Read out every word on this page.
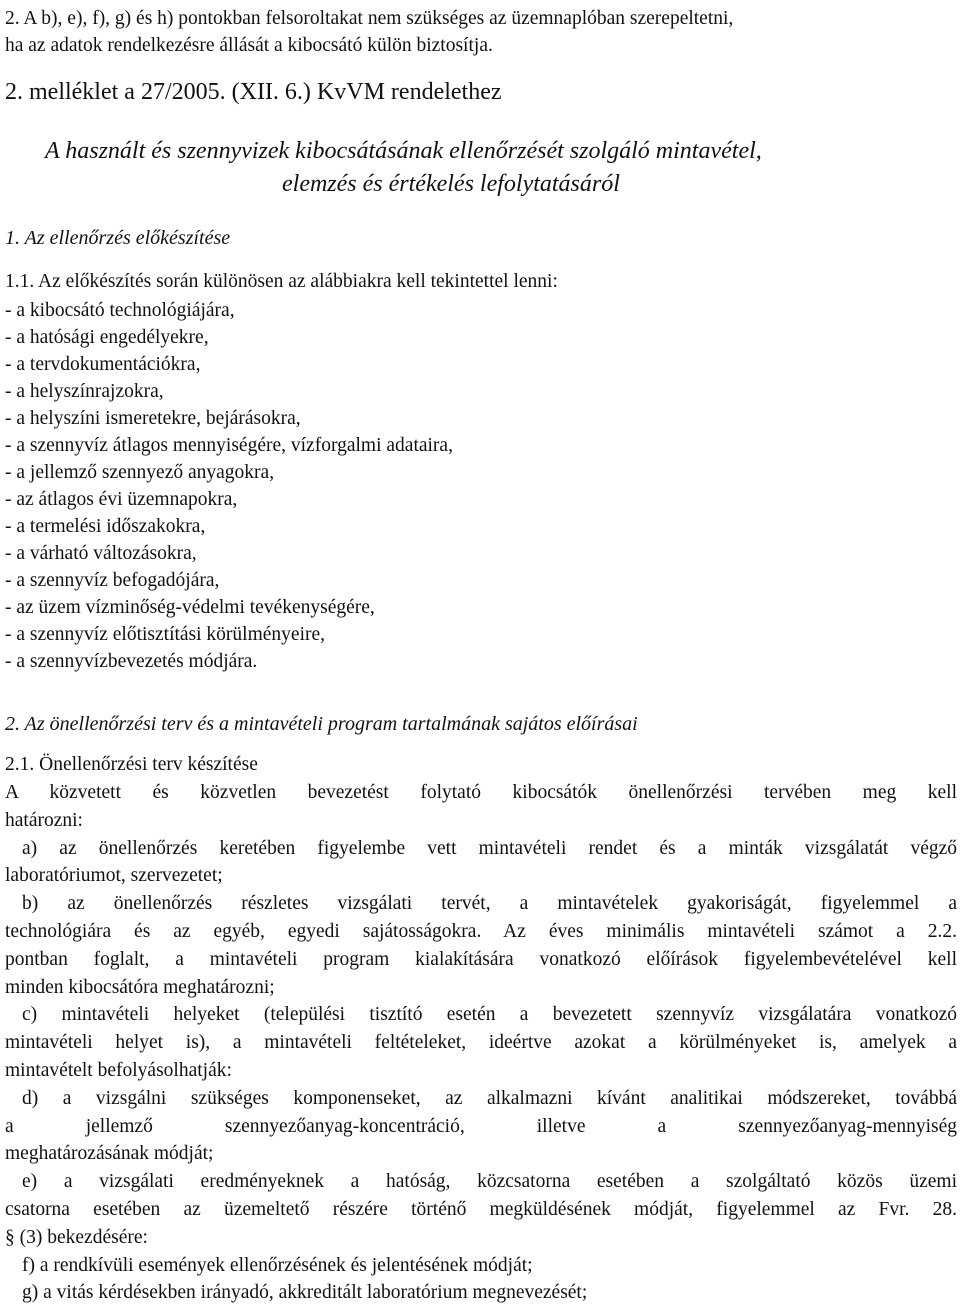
2. A b), e), f), g) és h) pontokban felsoroltakat nem szükséges az üzemnaplóban szerepeltetni,
ha az adatok rendelkezésre állását a kibocsátó külön biztosítja.
2. melléklet a 27/2005. (XII. 6.) KvVM rendelethez
A használt és szennyvizek kibocsátásának ellenőrzését szolgáló mintavétel,
elemzés és értékelés lefolytatásáról
1. Az ellenőrzés előkészítése
1.1. Az előkészítés során különösen az alábbiakra kell tekintettel lenni:
- a kibocsátó technológiájára,
- a hatósági engedélyekre,
- a tervdokumentációkra,
- a helyszínrajzokra,
- a helyszíni ismeretekre, bejárásokra,
- a szennyvíz átlagos mennyiségére, vízforgalmi adataira,
- a jellemző szennyező anyagokra,
- az átlagos évi üzemnapokra,
- a termelési időszakokra,
- a várható változásokra,
- a szennyvíz befogadójára,
- az üzem vízminőség-védelmi tevékenységére,
- a szennyvíz előtisztítási körülményeire,
- a szennyvízbevezetés módjára.
2. Az önellenőrzési terv és a mintavételi program tartalmának sajátos előírásai
2.1. Önellenőrzési terv készítése
A közvetett és közvetlen bevezetést folytató kibocsátók önellenőrzési tervében meg kell
határozni:
a) az önellenőrzés keretében figyelembe vett mintavételi rendet és a minták vizsgálatát végző
laboratóriumot, szervezetet;
b) az önellenőrzés részletes vizsgálati tervét, a mintavételek gyakoriságát, figyelemmel a
technológiára és az egyéb, egyedi sajátosságokra. Az éves minimális mintavételi számot a 2.2.
pontban foglalt, a mintavételi program kialakítására vonatkozó előírások figyelembevételével kell
minden kibocsátóra meghatározni;
c) mintavételi helyeket (települési tisztító esetén a bevezetett szennyvíz vizsgálatára vonatkozó
mintavételi helyet is), a mintavételi feltételeket, ideértve azokat a körülményeket is, amelyek a
mintavételt befolyásolhatják:
d) a vizsgálni szükséges komponenseket, az alkalmazni kívánt analitikai módszereket, továbbá
a jellemző szennyezőanyag-koncentráció, illetve a szennyezőanyag-mennyiség
meghatározásának módját;
e) a vizsgálati eredményeknek a hatóság, közcsatorna esetében a szolgáltató közös üzemi
csatorna esetében az üzemeltető részére történő megküldésének módját, figyelemmel az Fvr. 28.
§ (3) bekezdésére:
f) a rendkívüli események ellenőrzésének és jelentésének módját;
g) a vitás kérdésekben irányadó, akkreditált laboratórium megnevezését;
